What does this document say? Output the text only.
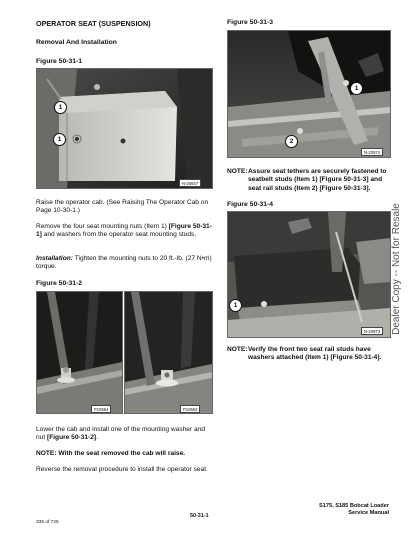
OPERATOR SEAT (SUSPENSION)
Removal And Installation
Figure 50-31-1
1
1
N-20647
Raise the operator cab. (See Raising The Operator Cab on Page 10-30-1.)
Remove the four seat mounting nuts (Item 1) [Figure 50-31-1] and washers from the operator seat mounting studs.
Installation: Tighten the mounting nuts to 20 ft.-lb. (27 N•m) torque.
Figure 50-31-2
P10564	P10563
Lower the cab and install one of the mounting washer and nut [Figure 50-31-2].
NOTE: With the seat removed the cab will raise.
Reverse the removal procedure to install the operator seat.
Figure 50-31-3
1
2
N-20974
NOTE: Assure seat tethers are securely fastened to seatbelt studs (Item 1) [Figure 50-31-3] and seat rail studs (Item 2) [Figure 50-31-3].
Figure 50-31-4
1
N-20973
NOTE: Verify the front two seat rail studs have washers attached (Item 1) [Figure 50-31-4].
Dealer Copy -- Not for Resale
336 of 725
50-31-1
S175, S185 Bobcat Loader
Service Manual
